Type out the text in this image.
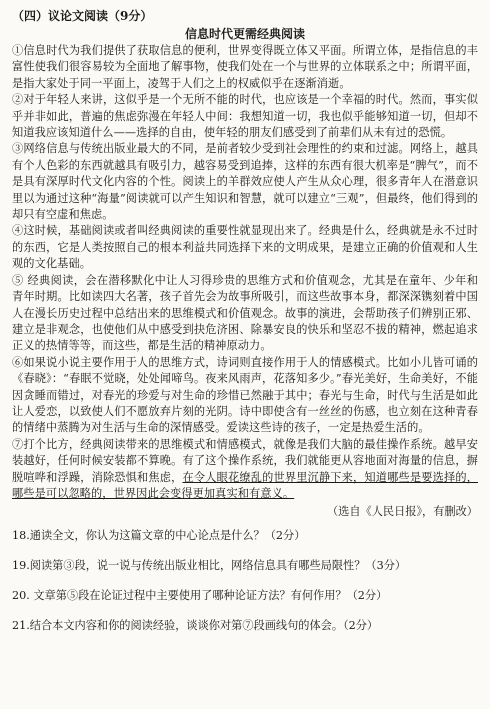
（四）议论文阅读（9分）
信息时代更需经典阅读

①信息时代为我们提供了获取信息的便利，世界变得既立体又平面。所谓立体，是指信息的丰富性使我们很容易较为全面地了解事物，使我们处在一个与世界的立体联系之中；所谓平面，是指大家处于同一平面上，凌驾于人们之上的权威似乎在逐渐消逝。

②对于年轻人来讲，这似乎是一个无所不能的时代，也应该是一个幸福的时代。然而，事实似乎并非如此，普遍的焦虑弥漫在年轻人中间：我想知道一切，我也似乎能够知道一切，但却不知道我应该知道什么——选择的自由，使年轻的朋友们感受到了前辈们从未有过的恐慌。

③网络信息与传统出版业最大的不同，是前者较少受到社会理性的约束和过滤。网络上，越具有个人色彩的东西就越具有吸引力，越容易受到追捧，这样的东西有很大机率是“脾气”，而不是具有深厚时代文化内容的个性。阅读上的羊群效应使人产生从众心理，很多青年人在潜意识里以为通过这种“海量”阅读就可以产生知识和智慧，就可以建立“三观”，但最终，他们得到的却只有空虚和焦虑。

④这时候，基础阅读或者叫经典阅读的重要性就显现出来了。经典是什么，经典就是永不过时的东西，它是人类按照自己的根本利益共同选择下来的文明成果，是建立正确的价值观和人生观的文化基础。

⑤ 经典阅读，会在潜移默化中让人习得珍贵的思维方式和价值观念，尤其是在童年、少年和青年时期。比如读四大名著，孩子首先会为故事所吸引，而这些故事本身，都深深镌刻着中国人在漫长历史过程中总结出来的思维模式和价值观念。故事的演进，会帮助孩子们辨别正邪、建立是非观念，也使他们从中感受到抉危济困、除暴安良的快乐和坚忍不拔的精神，燃起追求正义的热情等等，而这些，都是生活的精神原动力。

⑥如果说小说主要作用于人的思维方式，诗词则直接作用于人的情感模式。比如小儿皆可诵的《春晓》：“春眠不觉晓，处处闻啼鸟。夜来风雨声，花落知多少。”春光美好，生命美好，不能因贪睡而错过，对春光的珍爱与对生命的珍惜已然融于其中；春光与生命，时代与生活是如此让人爱恋，以致使人们不愿放弃片刻的光阴。诗中即使含有一丝丝的伤感，也立刻在这种青春的情绪中蒸腾为对生活与生命的深情感受。爱读这些诗的孩子，一定是热爱生活的。

⑦打个比方，经典阅读带来的思维模式和情感模式，就像是我们大脑的最佳操作系统。越早安装越好，任何时候安装都不算晚。有了这个操作系统，我们就能更从容地面对海量的信息，摒脱喧哗和浮躁，消除恐惧和焦虑，在令人眼花缭乱的世界里沉静下来，知道哪些是要选择的，哪些是可以忽略的，世界因此会变得更加真实和有意义。

（选自《人民日报》，有删改）
18.通读全文，你认为这篇文章的中心论点是什么？（2分）
19.阅读第③段，说一说与传统出版业相比，网络信息具有哪些局限性？（3分）
20. 文章第⑤段在论证过程中主要使用了哪种论证方法？有何作用？（2分）
21.结合本文内容和你的阅读经验，谈谈你对第⑦段画线句的体会。（2分）
